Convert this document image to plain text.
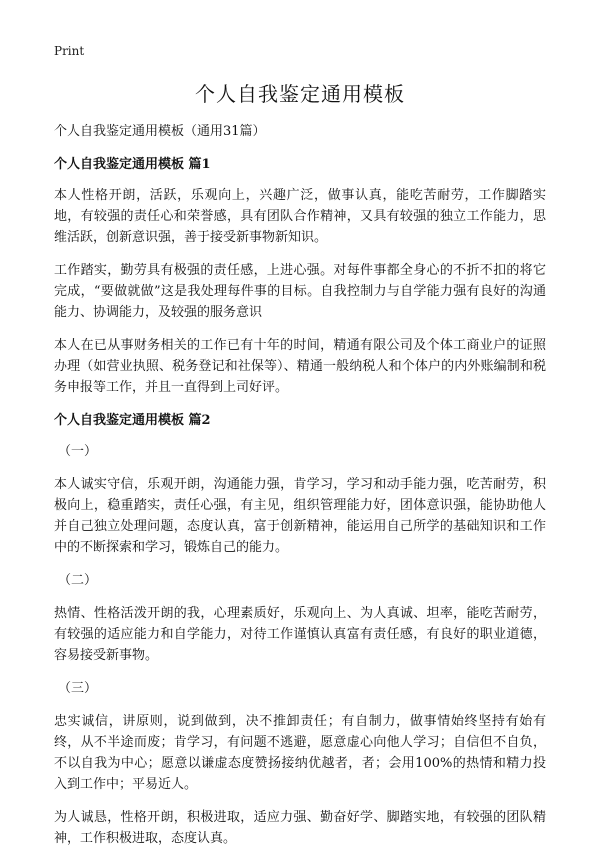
Print
个人自我鉴定通用模板

个人自我鉴定通用模板（通用31篇）

个人自我鉴定通用模板 篇1

本人性格开朗，活跃，乐观向上，兴趣广泛，做事认真，能吃苦耐劳，工作脚踏实地，有较强的责任心和荣誉感，具有团队合作精神，又具有较强的独立工作能力，思维活跃，创新意识强，善于接受新事物新知识。

工作踏实，勤劳具有极强的责任感，上进心强。对每件事都全身心的不折不扣的将它完成，“要做就做”这是我处理每件事的目标。自我控制力与自学能力强有良好的沟通能力、协调能力，及较强的服务意识

本人在已从事财务相关的工作已有十年的时间，精通有限公司及个体工商业户的证照办理（如营业执照、税务登记和社保等）、精通一般纳税人和个体户的内外账编制和税务申报等工作，并且一直得到上司好评。

个人自我鉴定通用模板 篇2

（一）

本人诚实守信，乐观开朗，沟通能力强，肯学习，学习和动手能力强，吃苦耐劳，积极向上，稳重踏实，责任心强，有主见，组织管理能力好，团体意识强，能协助他人并自己独立处理问题，态度认真，富于创新精神，能运用自己所学的基础知识和工作中的不断探索和学习，锻炼自己的能力。

（二）

热情、性格活泼开朗的我，心理素质好，乐观向上、为人真诚、坦率，能吃苦耐劳，有较强的适应能力和自学能力，对待工作谨慎认真富有责任感，有良好的职业道德，容易接受新事物。

（三）

忠实诚信，讲原则，说到做到，决不推卸责任；有自制力，做事情始终坚持有始有终，从不半途而废；肯学习，有问题不逃避，愿意虚心向他人学习；自信但不自负，不以自我为中心；愿意以谦虚态度赞扬接纳优越者，者；会用100%的热情和精力投入到工作中；平易近人。

为人诚恳，性格开朗，积极进取，适应力强、勤奋好学、脚踏实地，有较强的团队精神，工作积极进取，态度认真。
